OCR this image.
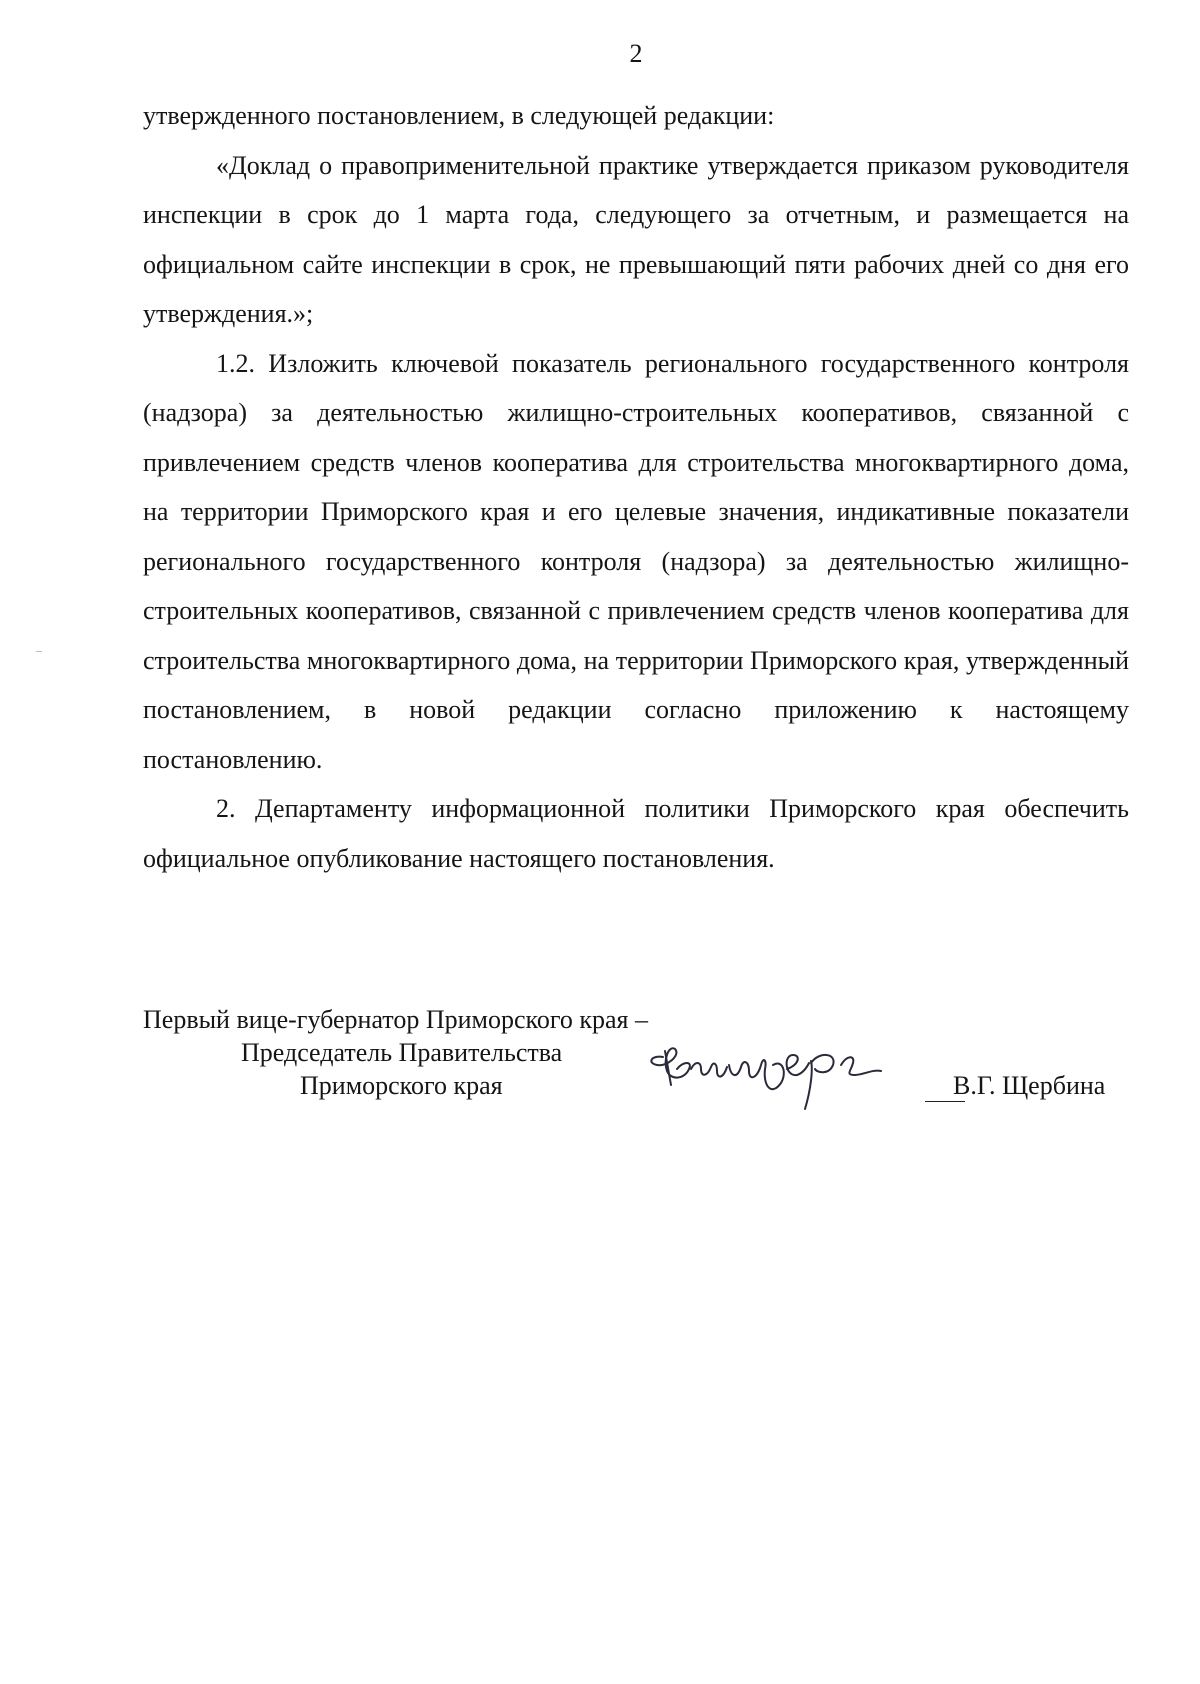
2

утвержденного постановлением, в следующей редакции:

«Доклад о правоприменительной практике утверждается приказом руководителя инспекции в срок до 1 марта года, следующего за отчетным, и размещается на официальном сайте инспекции в срок, не превышающий пяти рабочих дней со дня его утверждения.»;

1.2. Изложить ключевой показатель регионального государственного контроля (надзора) за деятельностью жилищно-строительных кооперативов, связанной с привлечением средств членов кооператива для строительства многоквартирного дома, на территории Приморского края и его целевые значения, индикативные показатели регионального государственного контроля (надзора) за деятельностью жилищно-строительных кооперативов, связанной с привлечением средств членов кооператива для строительства многоквартирного дома, на территории Приморского края, утвержденный постановлением, в новой редакции согласно приложению к настоящему постановлению.

2. Департаменту информационной политики Приморского края обеспечить официальное опубликование настоящего постановления.

Первый вице-губернатор Приморского края –
Председатель Правительства
Приморского края	В.Г. Щербина
